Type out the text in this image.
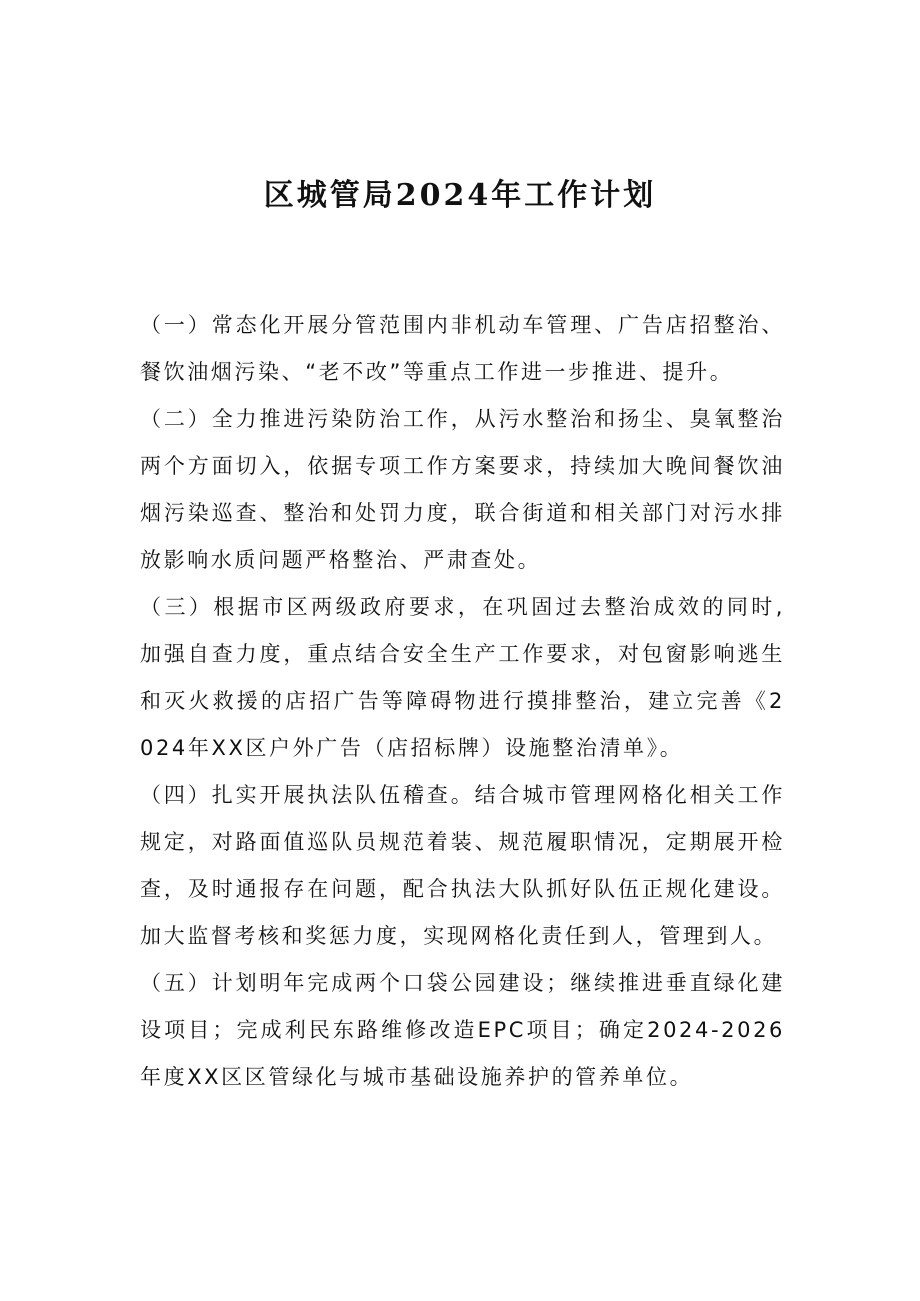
区城管局2024年工作计划

（一）常态化开展分管范围内非机动车管理、广告店招整治、餐饮油烟污染、“老不改”等重点工作进一步推进、提升。

（二）全力推进污染防治工作，从污水整治和扬尘、臭氧整治两个方面切入，依据专项工作方案要求，持续加大晚间餐饮油烟污染巡查、整治和处罚力度，联合街道和相关部门对污水排放影响水质问题严格整治、严肃查处。

（三）根据市区两级政府要求，在巩固过去整治成效的同时,加强自查力度，重点结合安全生产工作要求，对包窗影响逃生和灭火救援的店招广告等障碍物进行摸排整治，建立完善《2024年XX区户外广告（店招标牌）设施整治清单》。

（四）扎实开展执法队伍稽查。结合城市管理网格化相关工作规定，对路面值巡队员规范着装、规范履职情况，定期展开检查，及时通报存在问题，配合执法大队抓好队伍正规化建设。加大监督考核和奖惩力度，实现网格化责任到人，管理到人。

（五）计划明年完成两个口袋公园建设；继续推进垂直绿化建设项目；完成利民东路维修改造EPC项目；确定2024-2026年度XX区区管绿化与城市基础设施养护的管养单位。
